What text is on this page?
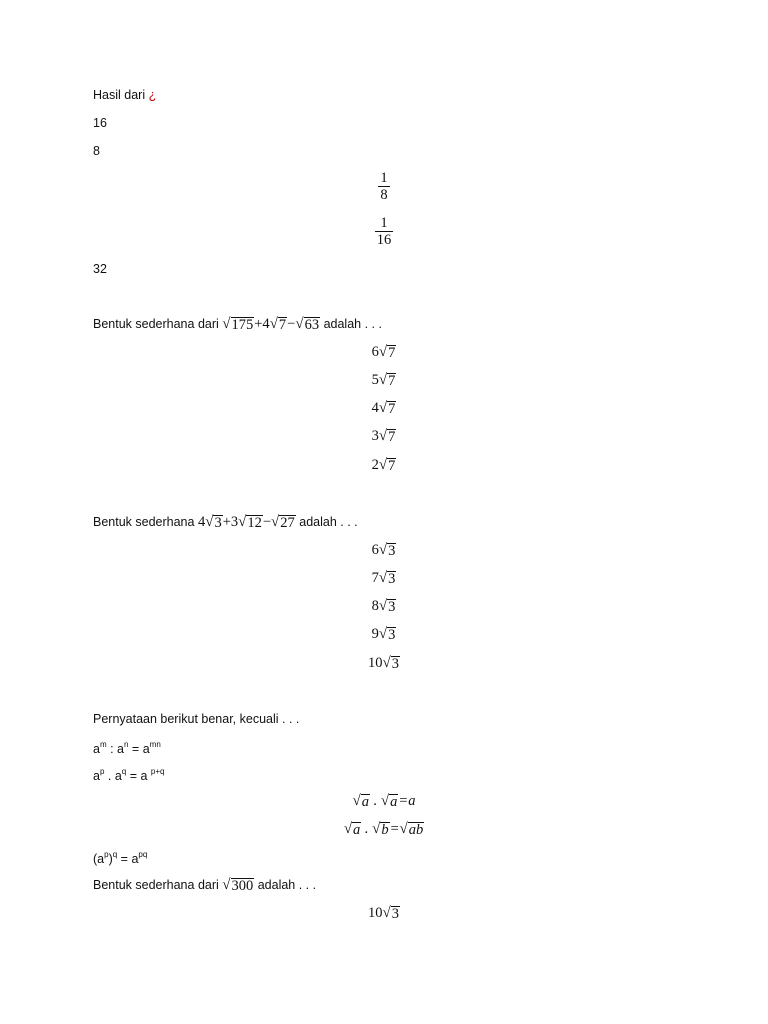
Hasil dari ¿
16
8
$\frac{1}{8}$
$\frac{1}{16}$
32
Bentuk sederhana dari √ 175 +4 √ 7 − √ 63 adalah . . .
6 √ 7
5 √ 7
4 √ 7
3 √ 7
2 √ 7
Bentuk sederhana 4 √ 3 +3 √ 12 − √ 27 adalah . . .
6 √ 3
7 √ 3
8 √ 3
9 √ 3
10 √ 3
Pernyataan berikut benar, kecuali . . .
$a^m$ : $a^n = a^{mn}$
$a^p$ . $a^q = a$ $^{p+q}$
√ a . √ a =a
√ a . √ b = √ ab
$(a^p)^q = a^{pq}$
Bentuk sederhana dari √ 300 adalah . . .
10 √ 3
